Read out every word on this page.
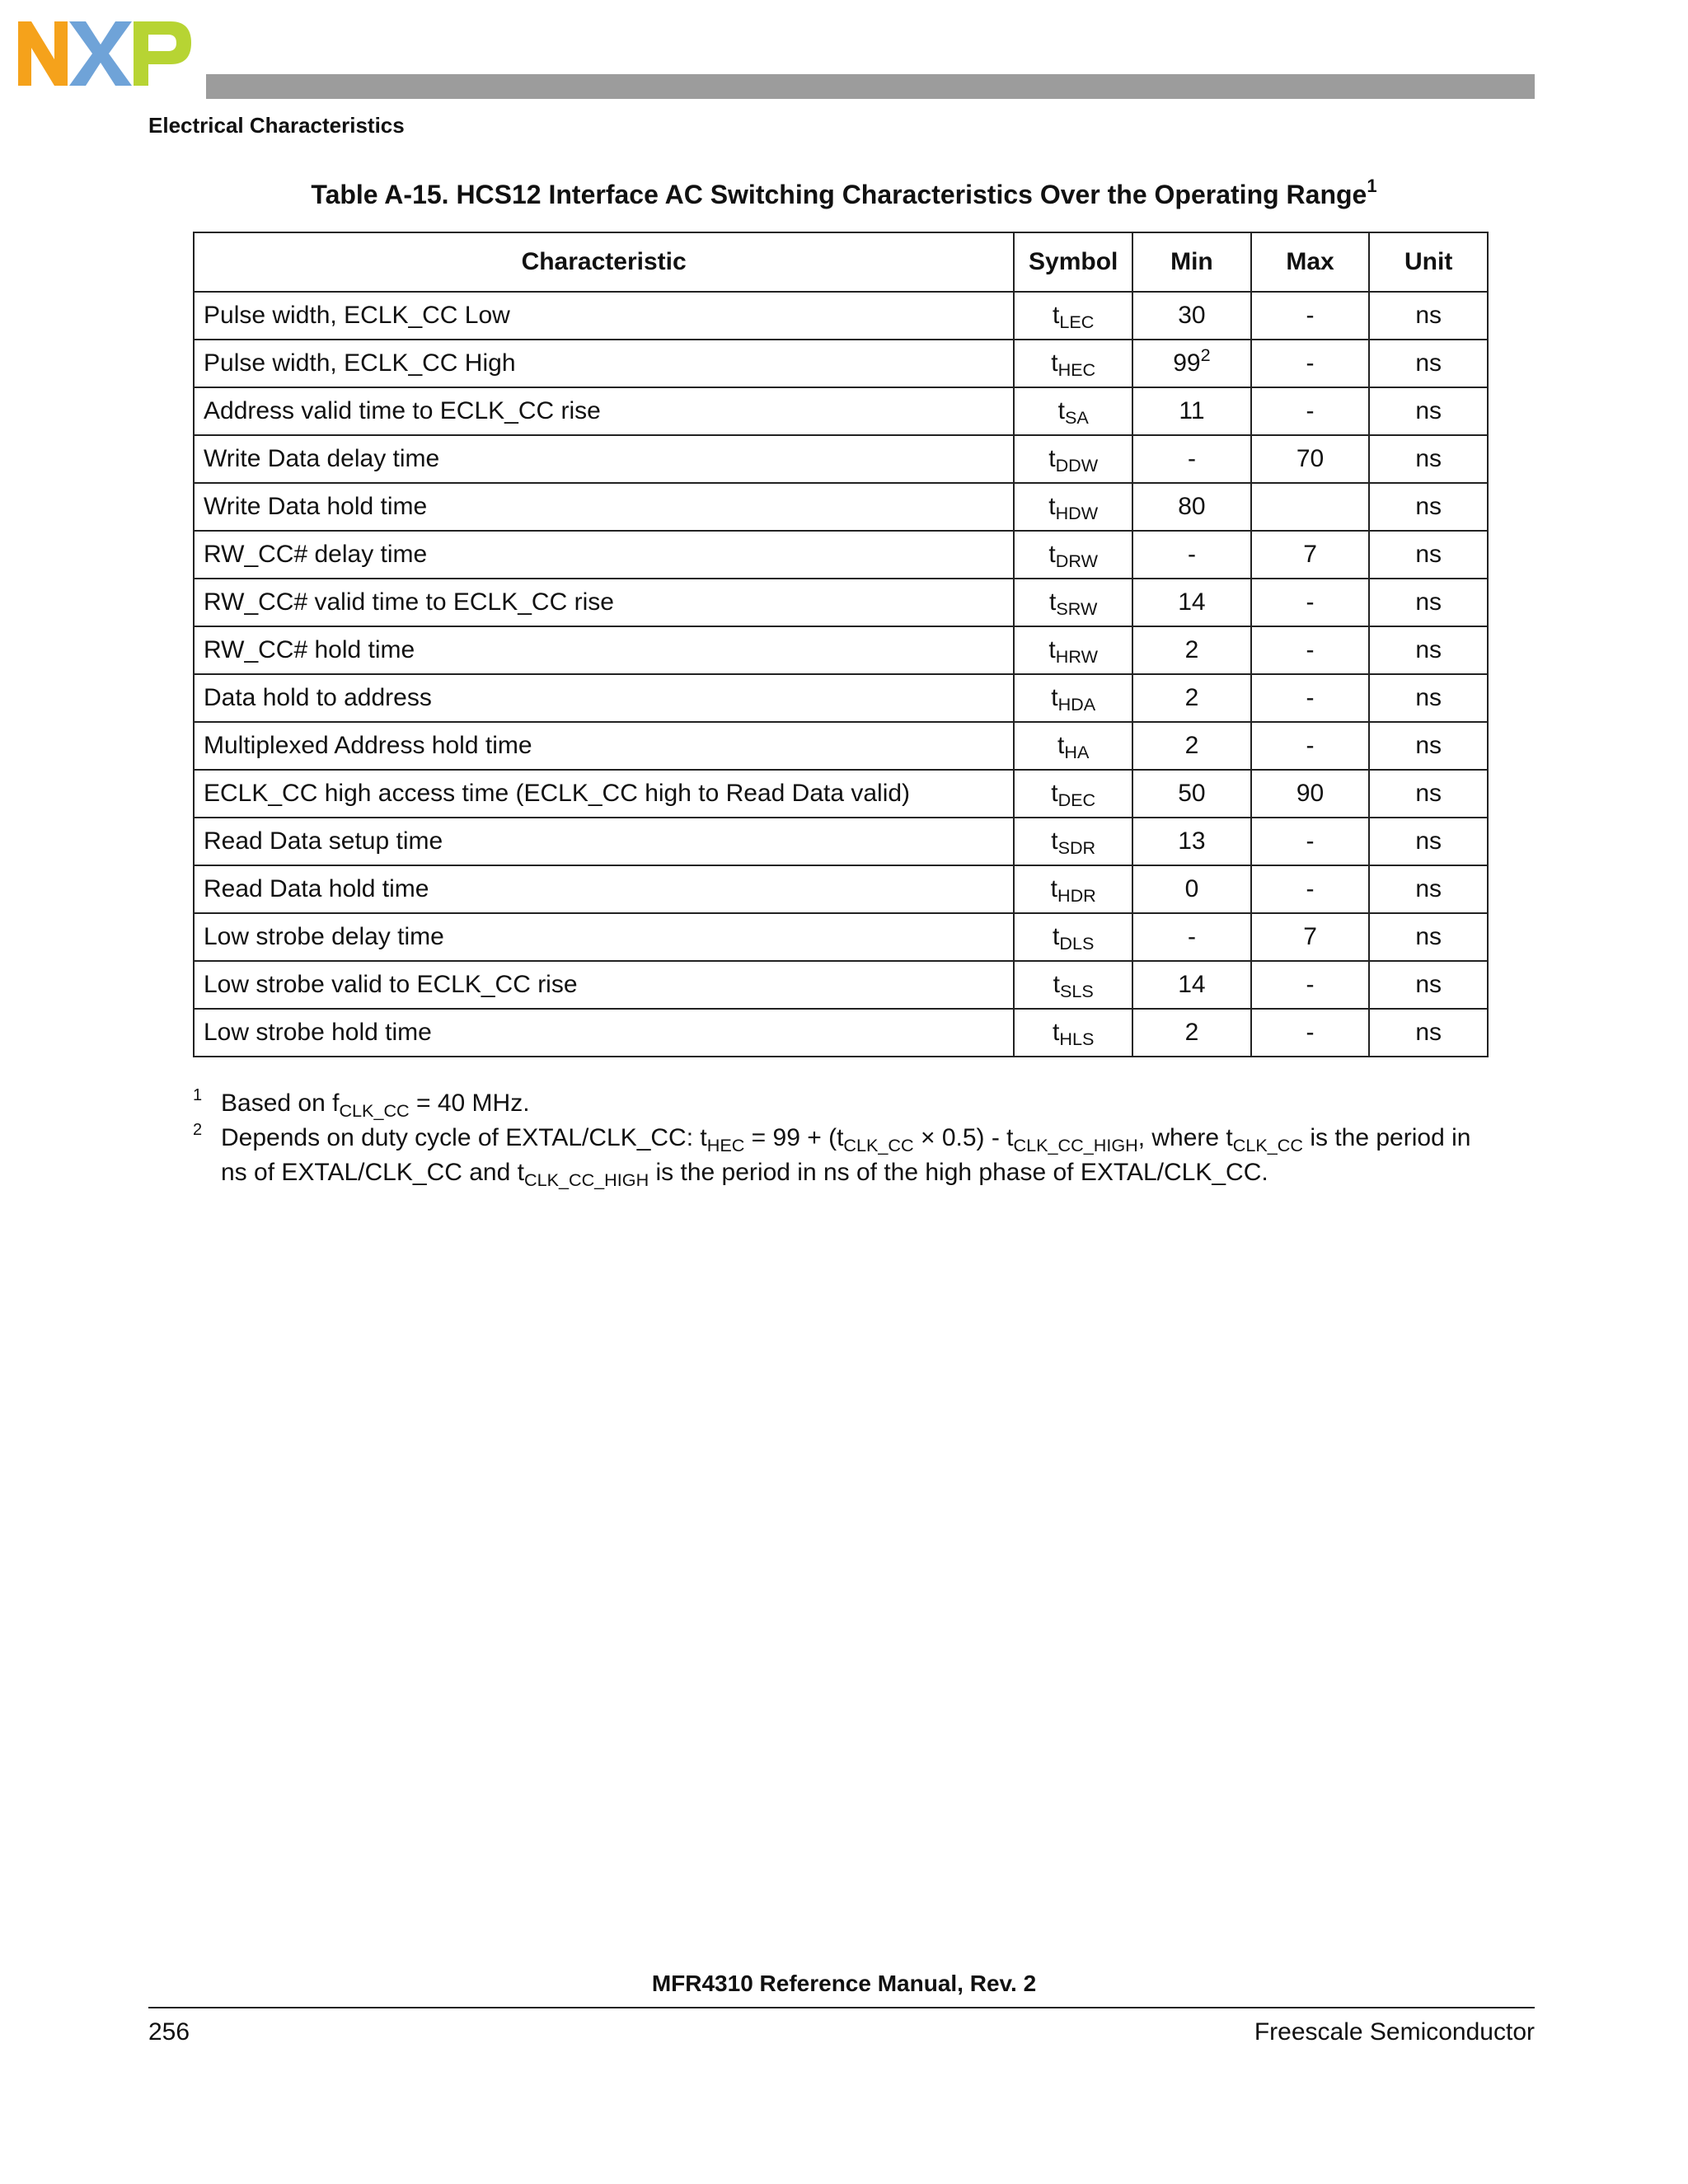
Electrical Characteristics
Table A-15. HCS12 Interface AC Switching Characteristics Over the Operating Range$^1$
Characteristic	Symbol	Min	Max	Unit
Pulse width, ECLK_CC Low	$t_{LEC}$	30	-	ns
Pulse width, ECLK_CC High	$t_{HEC}$	$99^2$	-	ns
Address valid time to ECLK_CC rise	$t_{SA}$	11	-	ns
Write Data delay time	$t_{DDW}$	-	70	ns
Write Data hold time	$t_{HDW}$	80		ns
RW_CC# delay time	$t_{DRW}$	-	7	ns
RW_CC# valid time to ECLK_CC rise	$t_{SRW}$	14	-	ns
RW_CC# hold time	$t_{HRW}$	2	-	ns
Data hold to address	$t_{HDA}$	2	-	ns
Multiplexed Address hold time	$t_{HA}$	2	-	ns
ECLK_CC high access time (ECLK_CC high to Read Data valid)	$t_{DEC}$	50	90	ns
Read Data setup time	$t_{SDR}$	13	-	ns
Read Data hold time	$t_{HDR}$	0	-	ns
Low strobe delay time	$t_{DLS}$	-	7	ns
Low strobe valid to ECLK_CC rise	$t_{SLS}$	14	-	ns
Low strobe hold time	$t_{HLS}$	2	-	ns
1 Based on $f_{CLK\_CC} = 40$ MHz.
2 Depends on duty cycle of EXTAL/CLK_CC: $t_{HEC} = 99 + (t_{CLK\_CC} \times 0.5) - t_{CLK\_CC\_HIGH}$, where $t_{CLK\_CC}$ is the period in ns of EXTAL/CLK_CC and $t_{CLK\_CC\_HIGH}$ is the period in ns of the high phase of EXTAL/CLK_CC.
MFR4310 Reference Manual, Rev. 2
256	Freescale Semiconductor
